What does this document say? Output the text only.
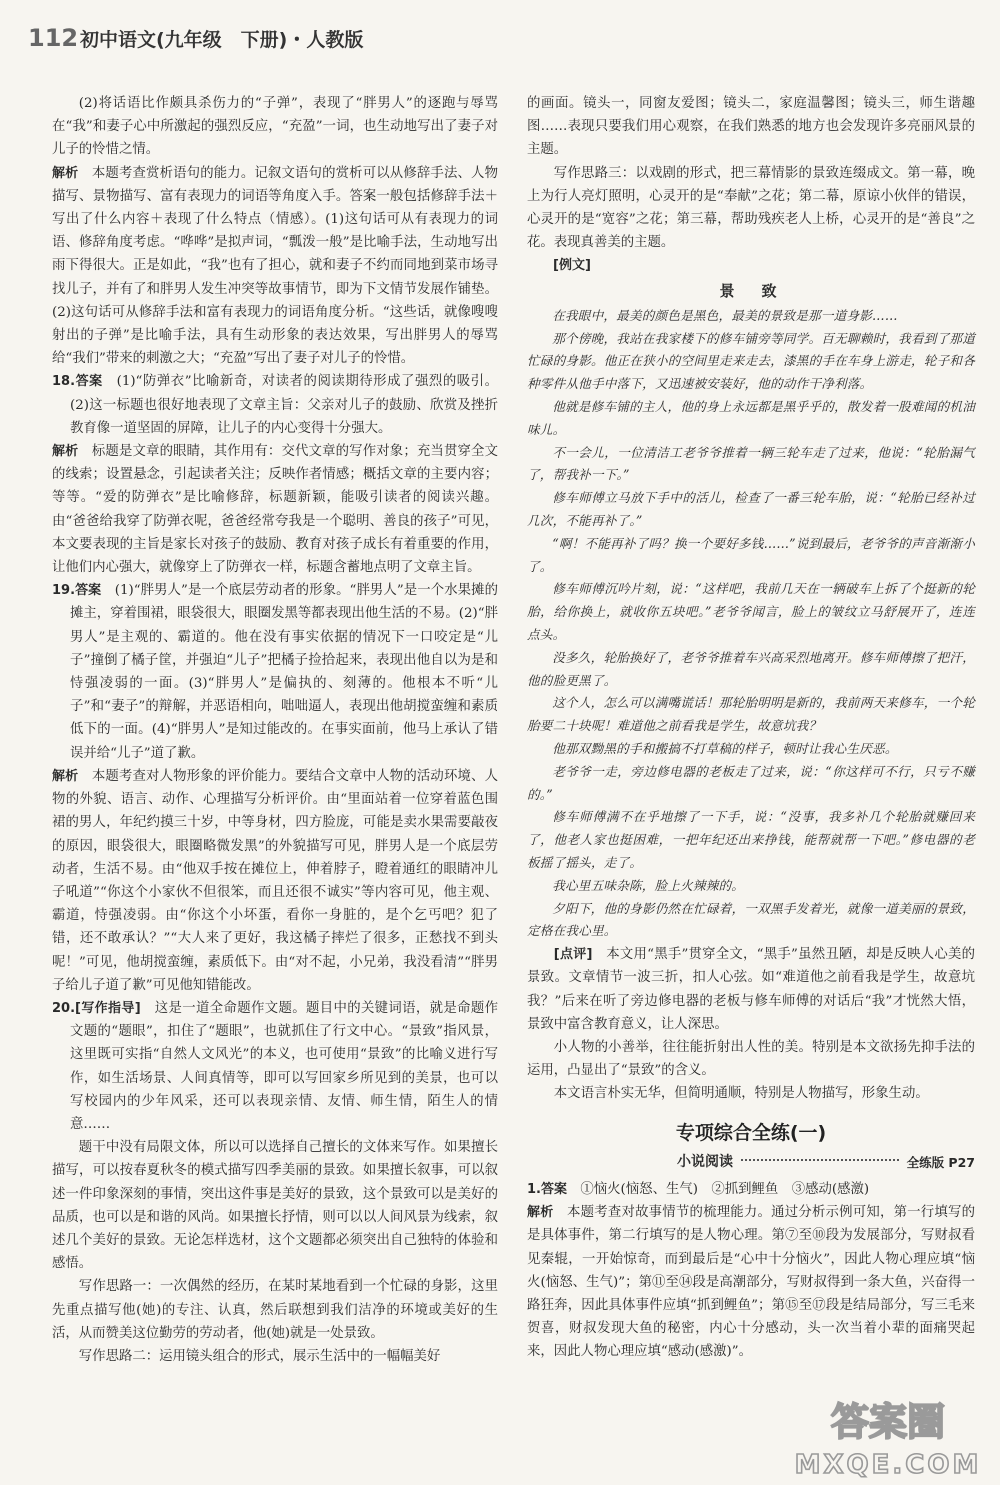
112 初中语文(九年级　下册)・人教版

(2)将话语比作颇具杀伤力的“子弹”，表现了“胖男人”的逐跑与辱骂在“我”和妻子心中所激起的强烈反应，“充盈”一词，也生动地写出了妻子对儿子的怜惜之情。

解析　 本题考查赏析语句的能力。记叙文语句的赏析可以从修辞手法、人物描写、景物描写、富有表现力的词语等角度入手。答案一般包括修辞手法＋写出了什么内容＋表现了什么特点（情感）。(1)这句话可从有表现力的词语、修辞角度考虑。“哗哗”是拟声词，“瓢泼一般”是比喻手法，生动地写出雨下得很大。正是如此，“我”也有了担心，就和妻子不约而同地到菜市场寻找儿子，并有了和胖男人发生冲突等故事情节，即为下文情节发展作铺垫。(2)这句话可从修辞手法和富有表现力的词语角度分析。“这些话，就像嗖嗖射出的子弹”是比喻手法，具有生动形象的表达效果，写出胖男人的辱骂给“我们”带来的刺激之大；“充盈”写出了妻子对儿子的怜惜。

18.答案　 (1)“防弹衣”比喻新奇，对读者的阅读期待形成了强烈的吸引。(2)这一标题也很好地表现了文章主旨：父亲对儿子的鼓励、欣赏及挫折教育像一道坚固的屏障，让儿子的内心变得十分强大。

解析　 标题是文章的眼睛，其作用有：交代文章的写作对象；充当贯穿全文的线索；设置悬念，引起读者关注；反映作者情感；概括文章的主要内容；等等。“爱的防弹衣”是比喻修辞，标题新颖，能吸引读者的阅读兴趣。由“爸爸给我穿了防弹衣呢，爸爸经常夸我是一个聪明、善良的孩子”可见，本文要表现的主旨是家长对孩子的鼓励、教育对孩子成长有着重要的作用，让他们内心强大，就像穿上了防弹衣一样，标题含蓄地点明了文章主旨。

19.答案　 (1)“胖男人”是一个底层劳动者的形象。“胖男人”是一个水果摊的摊主，穿着围裙，眼袋很大，眼圈发黑等都表现出他生活的不易。(2)“胖男人”是主观的、霸道的。他在没有事实依据的情况下一口咬定是“儿子”撞倒了橘子筐，并强迫“儿子”把橘子捡拾起来，表现出他自以为是和恃强凌弱的一面。(3)“胖男人”是偏执的、刻薄的。他根本不听“儿子”和“妻子”的辩解，并恶语相向，咄咄逼人，表现出他胡搅蛮缠和素质低下的一面。(4)“胖男人”是知过能改的。在事实面前，他马上承认了错误并给“儿子”道了歉。

解析　 本题考查对人物形象的评价能力。要结合文章中人物的活动环境、人物的外貌、语言、动作、心理描写分析评价。由“里面站着一位穿着蓝色围裙的男人，年纪约摸三十岁，中等身材，四方脸庞，可能是卖水果需要敲夜的原因，眼袋很大，眼圈略微发黑”的外貌描写可见，胖男人是一个底层劳动者，生活不易。由“他双手按在摊位上，伸着脖子，瞪着通红的眼睛冲儿子吼道”“你这个小家伙不但很笨，而且还很不诚实”等内容可见，他主观、霸道，恃强凌弱。由“你这个小坏蛋，看你一身脏的，是个乞丐吧？犯了错，还不敢承认？”“大人来了更好，我这橘子摔烂了很多，正愁找不到头呢！”可见，他胡搅蛮缠，素质低下。由“对不起，小兄弟，我没看清”“胖男子给儿子道了歉”可见他知错能改。

20.[写作指导]　 这是一道全命题作文题。题目中的关键词语，就是命题作文题的“题眼”，扣住了“题眼”，也就抓住了行文中心。“景致”指风景，这里既可实指“自然人文风光”的本义，也可使用“景致”的比喻义进行写作，如生活场景、人间真情等，即可以写回家乡所见到的美景，也可以写校园内的少年风采，还可以表现亲情、友情、师生情，陌生人的情意……

题干中没有局限文体，所以可以选择自己擅长的文体来写作。如果擅长描写，可以按春夏秋冬的模式描写四季美丽的景致。如果擅长叙事，可以叙述一件印象深刻的事情，突出这件事是美好的景致，这个景致可以是美好的品质，也可以是和谐的风尚。如果擅长抒情，则可以以人间风景为线索，叙述几个美好的景致。无论怎样选材，这个文题都必须突出自己独特的体验和感悟。

写作思路一：一次偶然的经历，在某时某地看到一个忙碌的身影，这里先重点描写他(她)的专注、认真，然后联想到我们洁净的环境或美好的生活，从而赞美这位勤劳的劳动者，他(她)就是一处景致。

写作思路二：运用镜头组合的形式，展示生活中的一幅幅美好

的画面。镜头一，同窗友爱图；镜头二，家庭温馨图；镜头三，师生谐趣图……表现只要我们用心观察，在我们熟悉的地方也会发现许多亮丽风景的主题。

写作思路三：以戏剧的形式，把三幕情影的景致连缀成文。第一幕，晚上为行人亮灯照明，心灵开的是“奉献”之花；第二幕，原谅小伙伴的错误，心灵开的是“宽容”之花；第三幕，帮助残疾老人上桥，心灵开的是“善良”之花。表现真善美的主题。

[例文]

景　致

在我眼中，最美的颜色是黑色，最美的景致是那一道身影……

那个傍晚，我站在我家楼下的修车铺旁等同学。百无聊赖时，我看到了那道忙碌的身影。他正在狭小的空间里走来走去，漆黑的手在车身上游走，轮子和各种零件从他手中落下，又迅速被安装好，他的动作干净利落。

他就是修车铺的主人，他的身上永远都是黑乎乎的，散发着一股难闻的机油味儿。

不一会儿，一位清洁工老爷爷推着一辆三轮车走了过来，他说：“轮胎漏气了，帮我补一下。”

修车师傅立马放下手中的活儿，检查了一番三轮车胎，说：“轮胎已经补过几次，不能再补了。”

“啊！不能再补了吗？换一个要好多钱……”说到最后，老爷爷的声音渐渐小了。

修车师傅沉吟片刻，说：“这样吧，我前几天在一辆破车上拆了个挺新的轮胎，给你换上，就收你五块吧。”老爷爷闻言，脸上的皱纹立马舒展开了，连连点头。

没多久，轮胎换好了，老爷爷推着车兴高采烈地离开。修车师傅擦了把汗，他的脸更黑了。

这个人，怎么可以满嘴谎话！那轮胎明明是新的，我前两天来修车，一个轮胎要二十块呢！难道他之前看我是学生，故意坑我？

他那双黝黑的手和搬搞不打草稿的样子，顿时让我心生厌恶。

老爷爷一走，旁边修电器的老板走了过来，说：“你这样可不行，只亏不赚的。”

修车师傅满不在乎地擦了一下手，说：“没事，我多补几个轮胎就赚回来了，他老人家也挺困难，一把年纪还出来挣钱，能帮就帮一下吧。”修电器的老板摇了摇头，走了。

我心里五味杂陈，脸上火辣辣的。

夕阳下，他的身影仍然在忙碌着，一双黑手发着光，就像一道美丽的景致，定格在我心里。

[点评]　 本文用“黑手”贯穿全文，“黑手”虽然丑陋，却是反映人心美的景致。文章情节一波三折，扣人心弦。如“难道他之前看我是学生，故意坑我？”后来在听了旁边修电器的老板与修车师傅的对话后“我”才恍然大悟，景致中富含教育意义，让人深思。

小人物的小善举，往往能折射出人性的美。特别是本文欲扬先抑手法的运用，凸显出了“景致”的含义。

本文语言朴实无华，但简明通顺，特别是人物描写，形象生动。

专项综合全练(一)
小说阅读	全练版 P27

1.答案　 ①恼火(恼怒、生气)　②抓到鲤鱼　③感动(感激)

解析　 本题考查对故事情节的梳理能力。通过分析示例可知，第一行填写的是具体事件，第二行填写的是人物心理。第⑦至⑩段为发展部分，写财叔看见秦辊，一开始惊奇，而到最后是“心中十分恼火”，因此人物心理应填“恼火(恼怒、生气)”；第⑪至⑭段是高潮部分，写财叔得到一条大鱼，兴奋得一路狂奔，因此具体事件应填“抓到鲤鱼”；第⑮至⑰段是结局部分，写三毛来贺喜，财叔发现大鱼的秘密，内心十分感动，头一次当着小辈的面痛哭起来，因此人物心理应填“感动(感激)”。

答案圈
MXQE.COM
